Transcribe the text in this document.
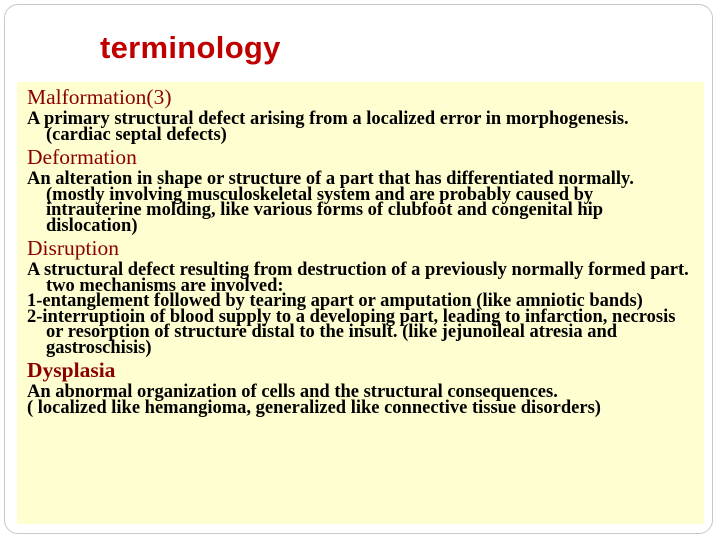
terminology

Malformation(3)

A primary structural defect arising from a localized error in morphogenesis. (cardiac septal defects)

Deformation

An alteration in shape or structure of a part that has differentiated normally. (mostly involving musculoskeletal system and are probably caused by intrauterine molding, like various forms of clubfoot and congenital hip dislocation)

Disruption

A structural defect resulting from destruction of a previously normally formed part. two mechanisms are involved:

1-entanglement followed by tearing apart or amputation (like amniotic bands)

2-interruptioin of blood supply to a developing part, leading to infarction, necrosis or resorption of structure distal to the insult. (like jejunoileal atresia and gastroschisis)

Dysplasia

An abnormal organization of cells and the structural consequences.

( localized like hemangioma, generalized like connective tissue disorders)
